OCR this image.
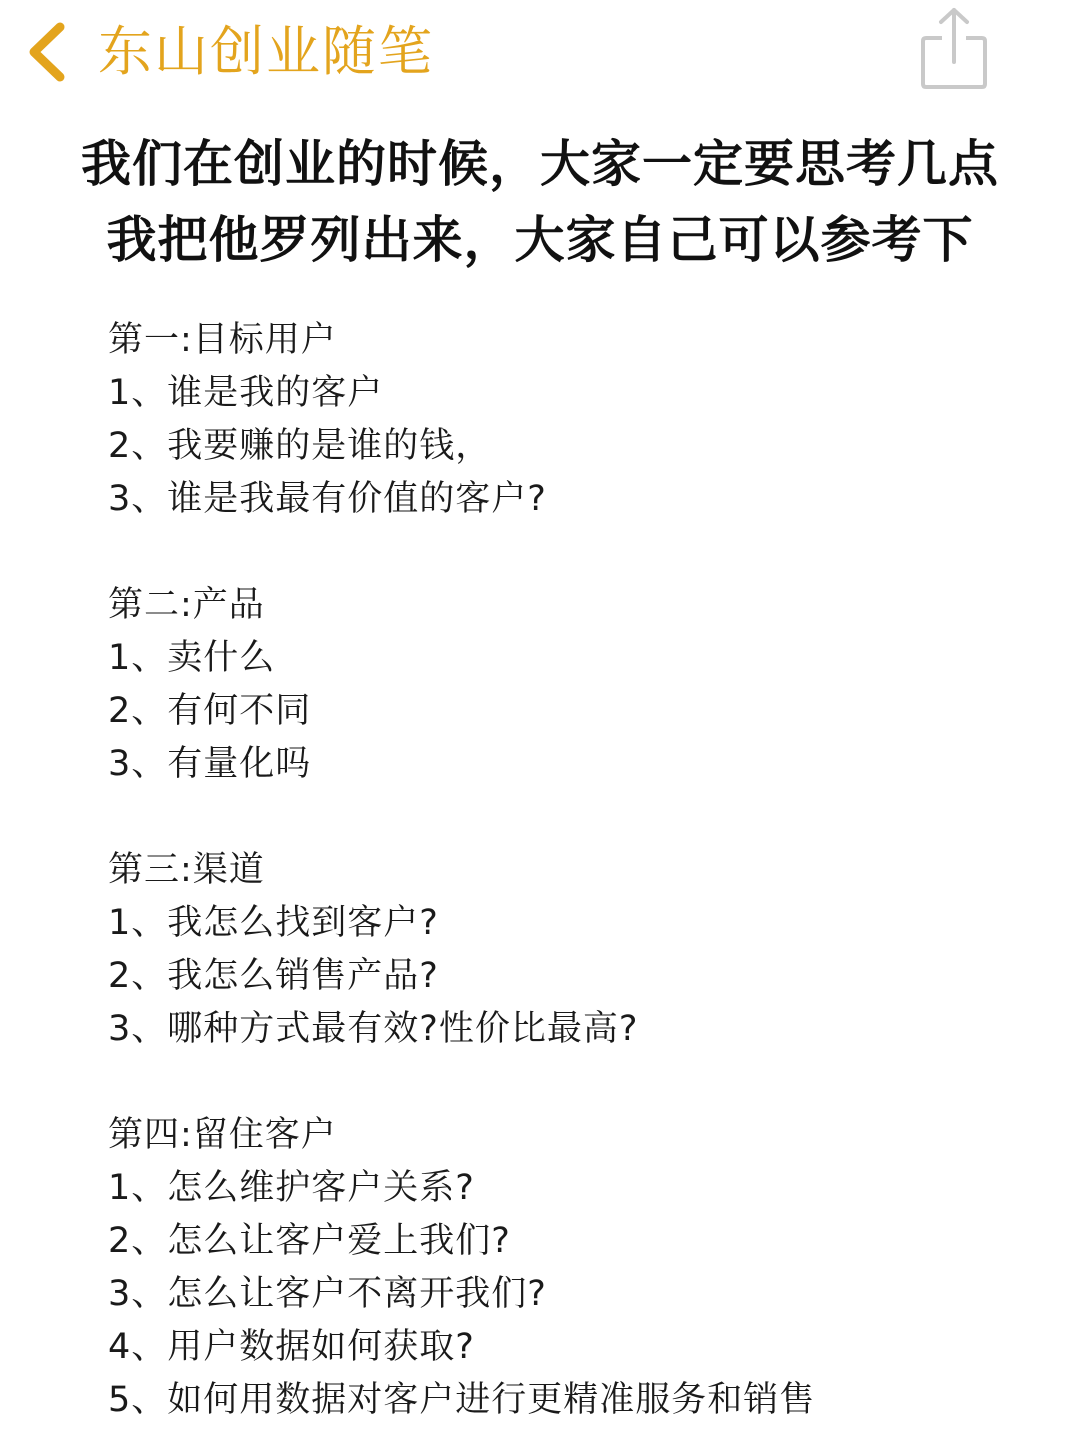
东山创业随笔
我们在创业的时候，大家一定要思考几点
我把他罗列出来，大家自己可以参考下
第一:目标用户
1、谁是我的客户
2、我要赚的是谁的钱，
3、谁是我最有价值的客户?
第二:产品
1、卖什么
2、有何不同
3、有量化吗
第三:渠道
1、我怎么找到客户?
2、我怎么销售产品?
3、哪种方式最有效?性价比最高?
第四:留住客户
1、怎么维护客户关系?
2、怎么让客户爱上我们?
3、怎么让客户不离开我们?
4、用户数据如何获取?
5、如何用数据对客户进行更精准服务和销售
